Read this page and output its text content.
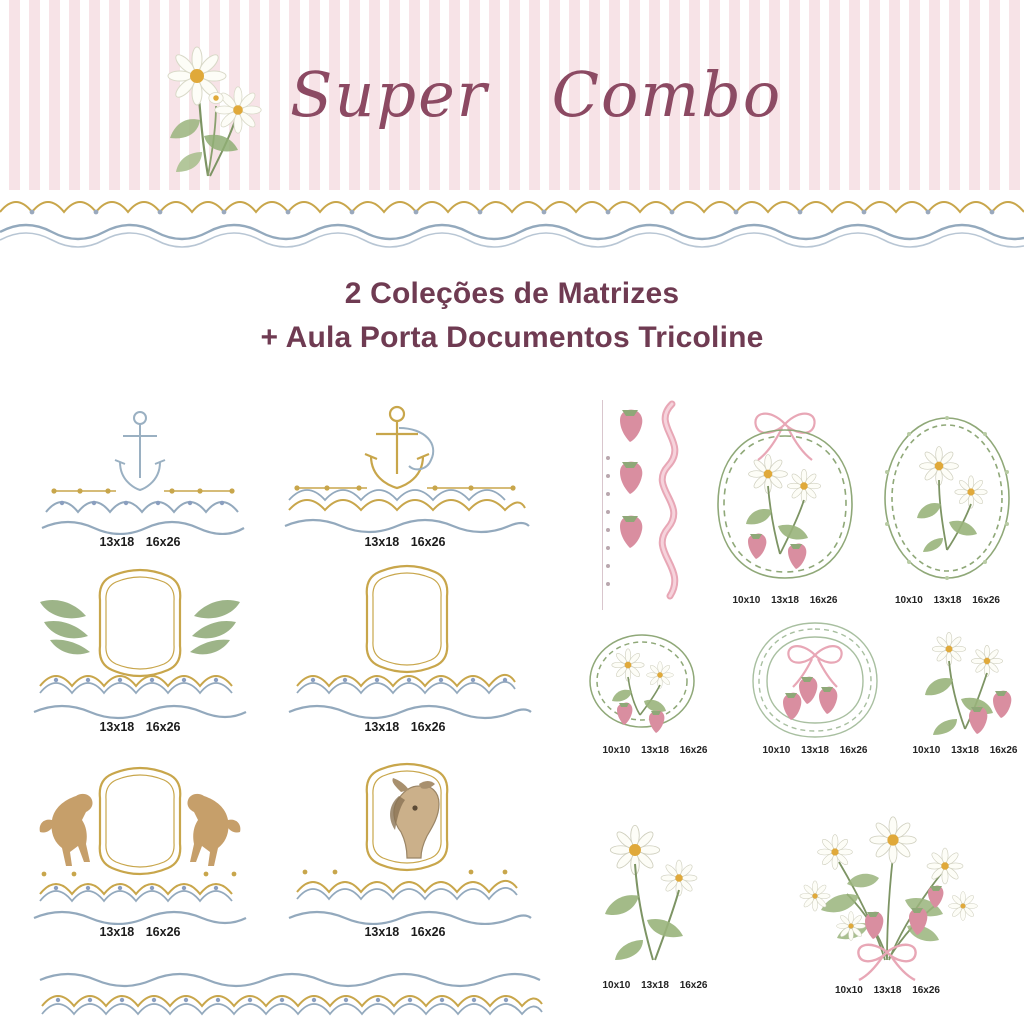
Super Combo
2 Coleções de Matrizes
+ Aula Porta Documentos Tricoline
13x18 16x26	13x18 16x26
13x18 16x26	13x18 16x26
13x18 16x26	13x18 16x26
10x10 13x18 16x26	10x10 13x18 16x26
10x10 13x18 16x26	10x10 13x18 16x26	10x10 13x18 16x26
10x10 13x18 16x26	10x10 13x18 16x26
